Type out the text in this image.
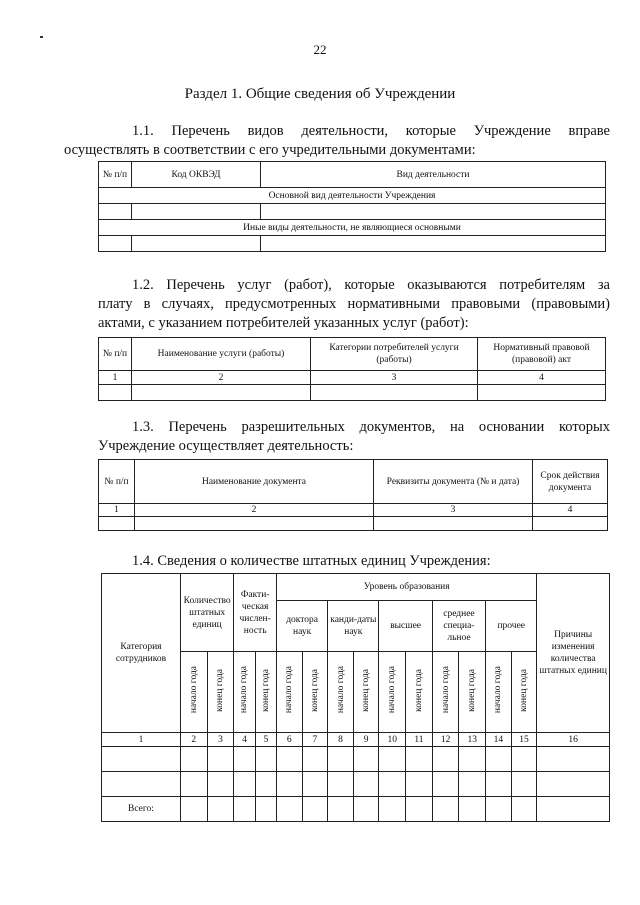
22
Раздел 1. Общие сведения об Учреждении
1.1. Перечень видов деятельности, которые Учреждение вправе
осуществлять в соответствии с его учредительными документами:
№ п/п	Код ОКВЭД	Вид деятельности
Основной вид деятельности Учреждения		

Иные виды деятельности, не являющиеся основными		

1.2. Перечень услуг (работ), которые оказываются потребителям за
плату в случаях, предусмотренных нормативными правовыми (правовыми)
актами, с указанием потребителей указанных услуг (работ):
№ п/п	Наименование услуги (работы)	Категории потребителей услуги (работы)	Нормативный правовой (правовой) акт
1	2	3	4

1.3. Перечень разрешительных документов, на основании которых
Учреждение осуществляет деятельность:
№ п/п	Наименование документа	Реквизиты документа (№ и дата)	Срок действия документа
1	2	3	4

1.4. Сведения о количестве штатных единиц Учреждения:
Категория сотрудников	Количество штатных единиц		Факти-ческая числен-ность		Уровень образования										Причины изменения количества штатных единиц
					доктора наук		канди-даты наук		высшее		среднее специа-льное		прочее		
	начало года	конец года	начало года	конец года	начало года	конец года	начало года	конец года	начало года	конец года	начало года	конец года	начало года	конец года	
1	2	3	4	5	6	7	8	9	10	11	12	13	14	15	16

Всего:															
